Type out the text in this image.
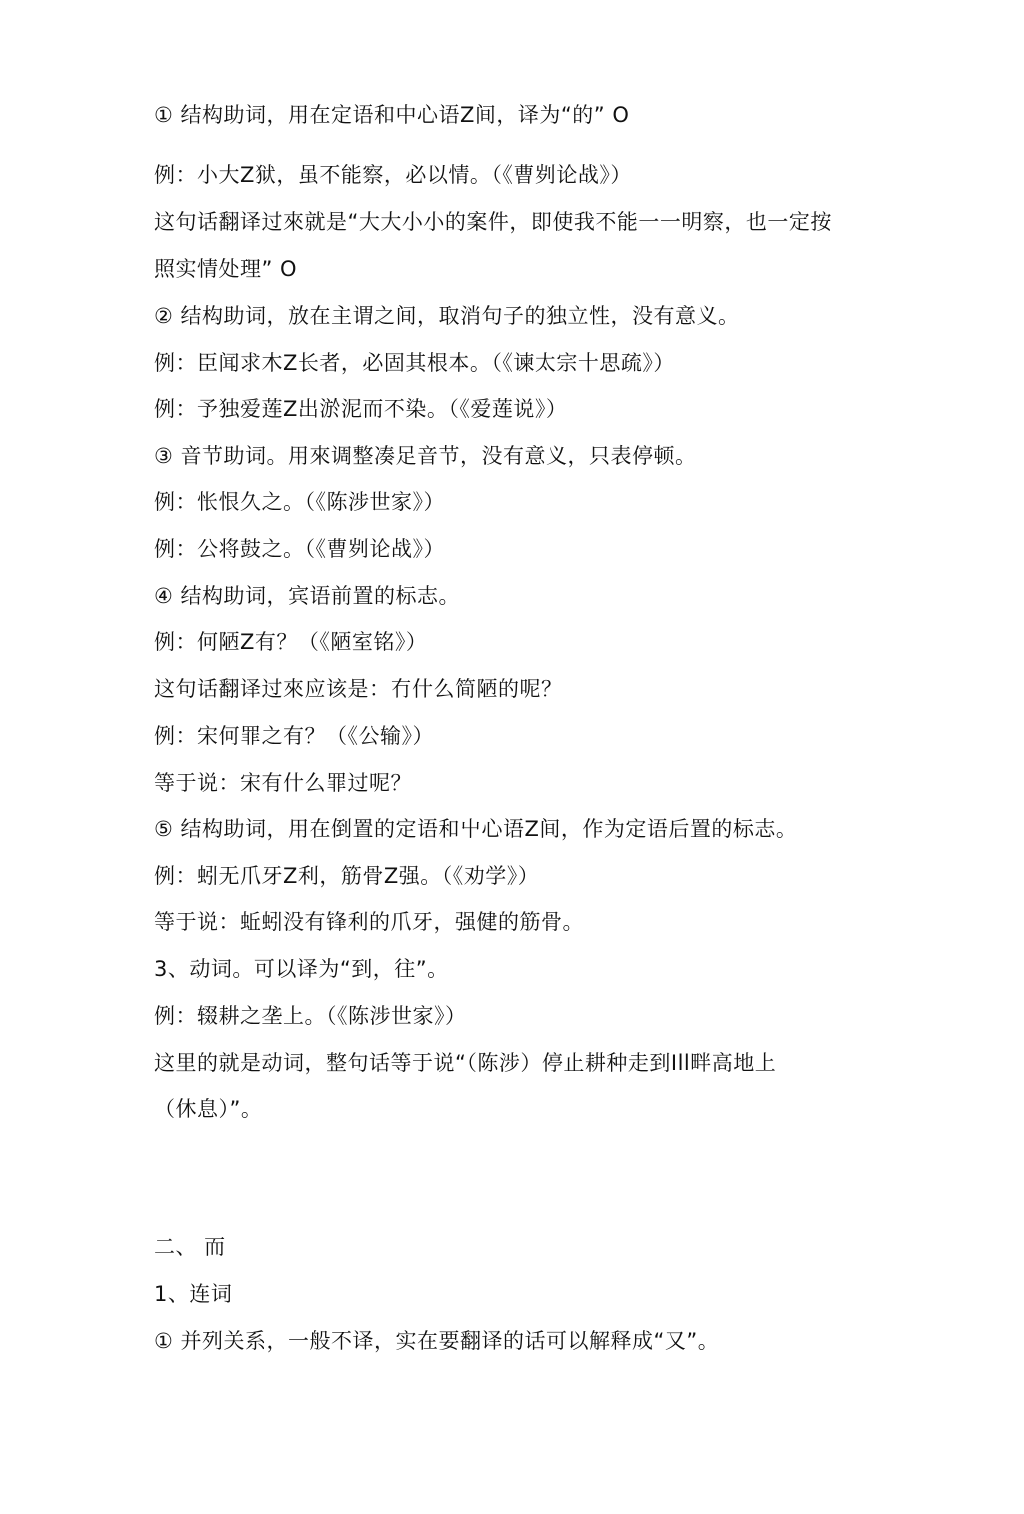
① 结构助词，用在定语和中心语Z间，译为“的” O
例：小大Z狱，虽不能察，必以情。（《曹刿论战》）
这句话翻译过來就是“大大小小的案件，即使我不能一一明察，也一定按
照实情处理” O
② 结构助词，放在主谓之间，取消句子的独立性，没有意义。
例：臣闻求木Z长者，必固其根本。（《谏太宗十思疏》）
例：予独爱莲Z出淤泥而不染。（《爱莲说》）
③ 音节助词。用來调整凑足音节，没有意义，只表停顿。
例：怅恨久之。（《陈涉世家》）
例：公将鼓之。（《曹刿论战》）
④ 结构助词，宾语前置的标志。
例：何陋Z有？（《陋室铭》）
这句话翻译过來应该是：冇什么简陋的呢？
例：宋何罪之有？（《公输》）
等于说：宋有什么罪过呢？
⑤ 结构助词，用在倒置的定语和屮心语Z间，作为定语后置的标志。
例：蚓无爪牙Z利，筋骨Z强。（《劝学》）
等于说：蚯蚓没有锋利的爪牙，强健的筋骨。
3、动词。可以译为“到，往”。
例：辍耕之垄上。（《陈涉世家》）
这里的就是动词，整句话等于说“（陈涉）停止耕种走到Ill畔高地上
（休息）”。
二、 而
1、连词
① 并列关系，一般不译，实在要翻译的话可以解释成“又”。
